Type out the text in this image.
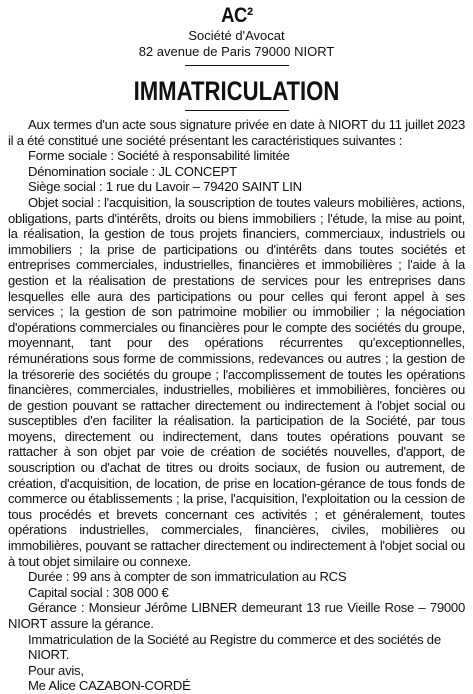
AC²
Société d'Avocat
82 avenue de Paris 79000 NIORT
IMMATRICULATION

Aux termes d'un acte sous signature privée en date à NIORT du 11 juillet 2023 il a été constitué une société présentant les caractéristiques suivantes :

Forme sociale : Société à responsabilité limitée

Dénomination sociale : JL CONCEPT

Siège social : 1 rue du Lavoir – 79420 SAINT LIN

Objet social : l'acquisition, la souscription de toutes valeurs mobilières, actions, obligations, parts d'intérêts, droits ou biens immobiliers ; l'étude, la mise au point, la réalisation, la gestion de tous projets financiers, commerciaux, industriels ou immobiliers ; la prise de participations ou d'intérêts dans toutes sociétés et entreprises commerciales, industrielles, financières et immobilières ; l'aide à la gestion et la réalisation de prestations de services pour les entreprises dans lesquelles elle aura des participations ou pour celles qui feront appel à ses services ; la gestion de son patrimoine mobilier ou immobilier ; la négociation d'opérations commerciales ou financières pour le compte des sociétés du groupe, moyennant, tant pour des opérations récurrentes qu'exceptionnelles, rémunérations sous forme de commissions, redevances ou autres ; la gestion de la trésorerie des sociétés du groupe ; l'accomplissement de toutes les opérations financières, commerciales, industrielles, mobilières et immobilières, foncières ou de gestion pouvant se rattacher directement ou indirectement à l'objet social ou susceptibles d'en faciliter la réalisation. la participation de la Société, par tous moyens, directement ou indirectement, dans toutes opérations pouvant se rattacher à son objet par voie de création de sociétés nouvelles, d'apport, de souscription ou d'achat de titres ou droits sociaux, de fusion ou autrement, de création, d'acquisition, de location, de prise en location-gérance de tous fonds de commerce ou établissements ; la prise, l'acquisition, l'exploitation ou la cession de tous procédés et brevets concernant ces activités ; et généralement, toutes opérations industrielles, commerciales, financières, civiles, mobilières ou immobilières, pouvant se rattacher directement ou indirectement à l'objet social ou à tout objet similaire ou connexe.

Durée : 99 ans à compter de son immatriculation au RCS

Capital social : 308 000 €

Gérance : Monsieur Jérôme LIBNER demeurant 13 rue Vieille Rose – 79000 NIORT assure la gérance.

Immatriculation de la Société au Registre du commerce et des sociétés de NIORT.

Pour avis,

Me Alice CAZABON-CORDÉ
